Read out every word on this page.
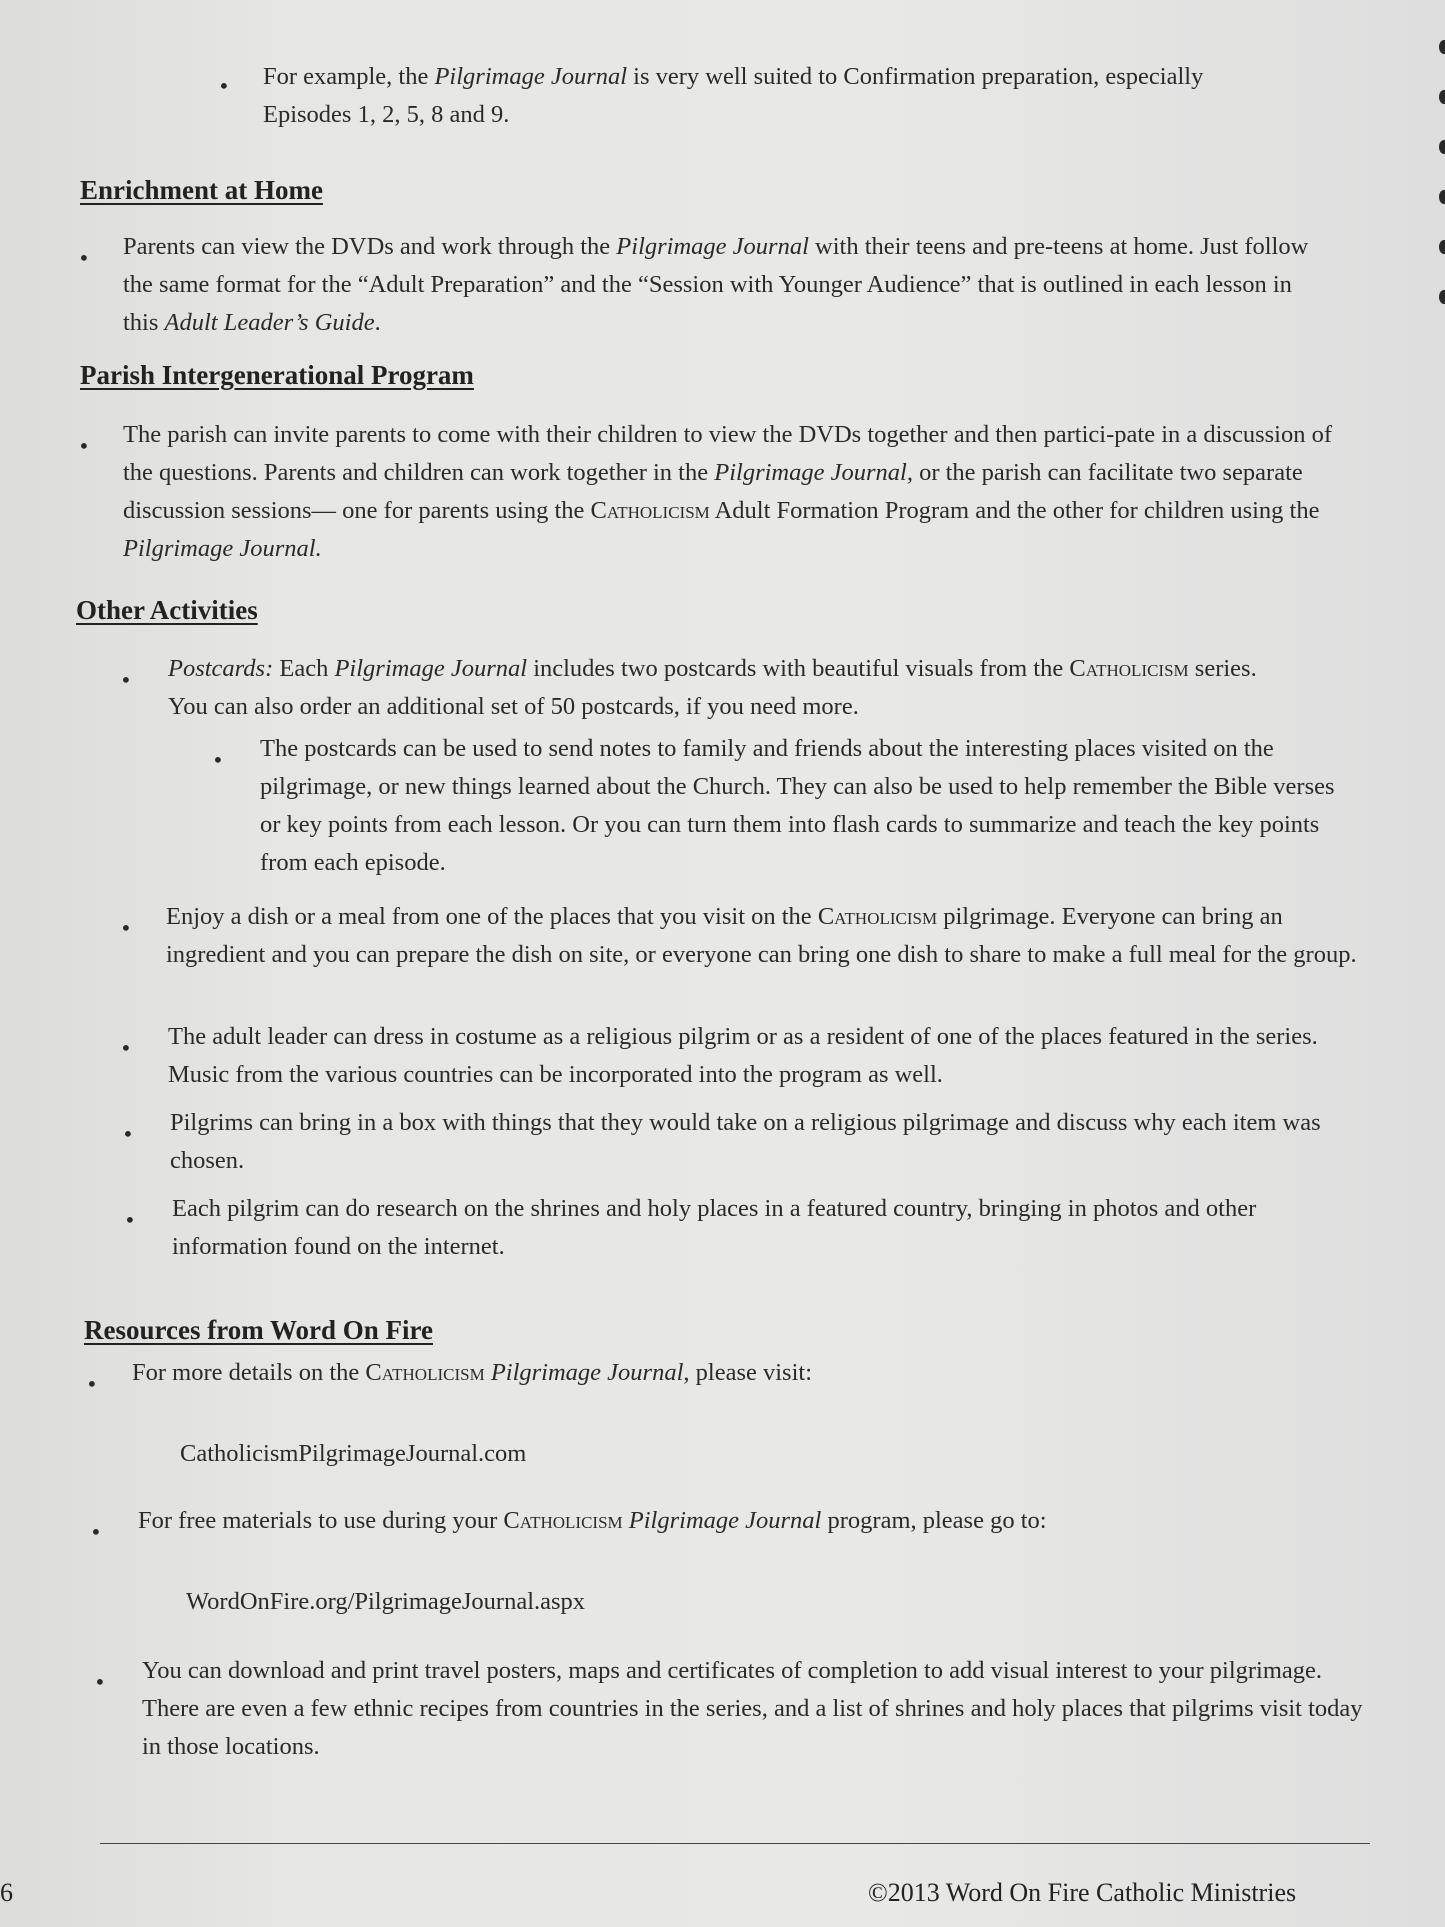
• For example, the Pilgrimage Journal is very well suited to Confirmation preparation, especially Episodes 1, 2, 5, 8 and 9.
Enrichment at Home
• Parents can view the DVDs and work through the Pilgrimage Journal with their teens and pre-teens at home. Just follow the same format for the “Adult Preparation” and the “Session with Younger Audience” that is outlined in each lesson in this Adult Leader’s Guide.
Parish Intergenerational Program
• The parish can invite parents to come with their children to view the DVDs together and then partici-pate in a discussion of the questions. Parents and children can work together in the Pilgrimage Journal, or the parish can facilitate two separate discussion sessions— one for parents using the Catholicism Adult Formation Program and the other for children using the Pilgrimage Journal.
Other Activities
• Postcards: Each Pilgrimage Journal includes two postcards with beautiful visuals from the Catholicism series. You can also order an additional set of 50 postcards, if you need more.
• The postcards can be used to send notes to family and friends about the interesting places visited on the pilgrimage, or new things learned about the Church. They can also be used to help remember the Bible verses or key points from each lesson. Or you can turn them into flash cards to summarize and teach the key points from each episode.
• Enjoy a dish or a meal from one of the places that you visit on the Catholicism pilgrimage. Everyone can bring an ingredient and you can prepare the dish on site, or everyone can bring one dish to share to make a full meal for the group.
• The adult leader can dress in costume as a religious pilgrim or as a resident of one of the places featured in the series. Music from the various countries can be incorporated into the program as well.
• Pilgrims can bring in a box with things that they would take on a religious pilgrimage and discuss why each item was chosen.
• Each pilgrim can do research on the shrines and holy places in a featured country, bringing in photos and other information found on the internet.
Resources from Word On Fire
• For more details on the Catholicism Pilgrimage Journal, please visit:
CatholicismPilgrimageJournal.com
• For free materials to use during your Catholicism Pilgrimage Journal program, please go to:
WordOnFire.org/PilgrimageJournal.aspx
• You can download and print travel posters, maps and certificates of completion to add visual interest to your pilgrimage. There are even a few ethnic recipes from countries in the series, and a list of shrines and holy places that pilgrims visit today in those locations.
6	©2013 Word On Fire Catholic Ministries
